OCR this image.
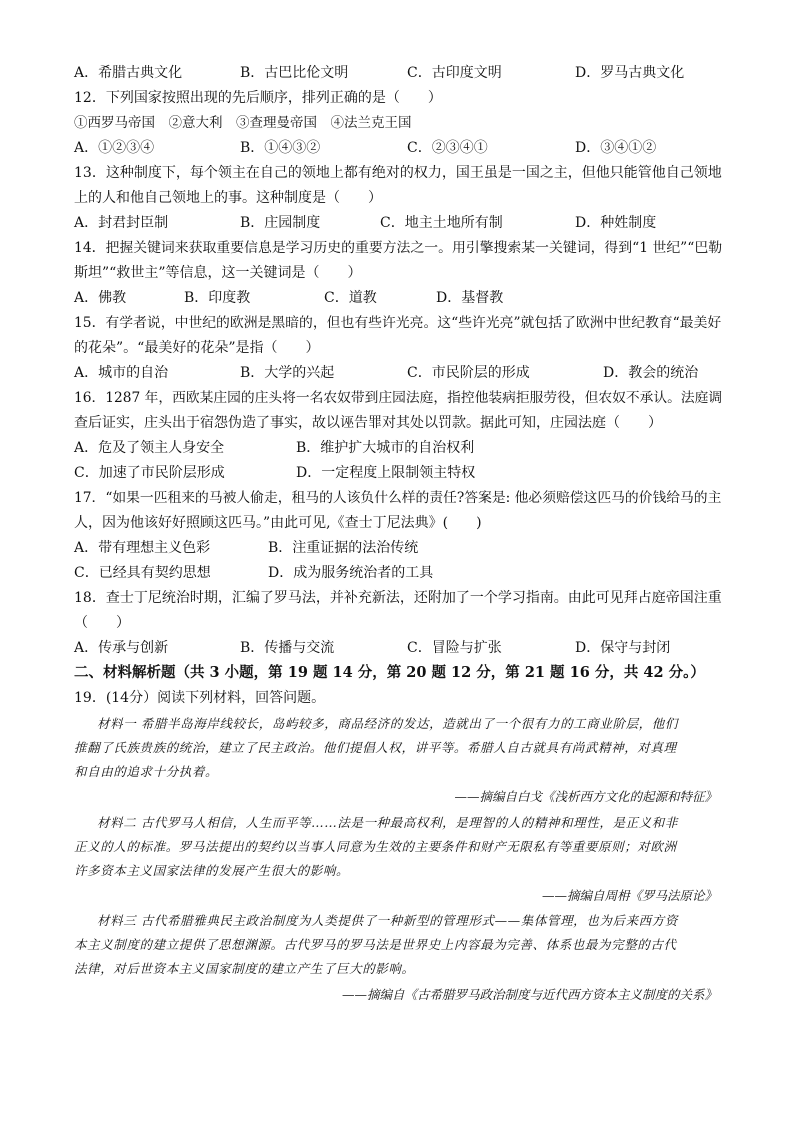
A．希腊古典文化	B．古巴比伦文明	C．古印度文明	D．罗马古典文化
12．下列国家按照出现的先后顺序，排列正确的是（　　）
①西罗马帝国　②意大利　③查理曼帝国　④法兰克王国
A．①②③④	B．①④③②	C．②③④①	D．③④①②
13．这种制度下，每个领主在自己的领地上都有绝对的权力，国王虽是一国之主，但他只能管他自己领地
上的人和他自己领地上的事。这种制度是（　　）
A．封君封臣制	B．庄园制度	C．地主土地所有制	D．种姓制度
14．把握关键词来获取重要信息是学习历史的重要方法之一。用引擎搜索某一关键词，得到“1 世纪”“巴勒
斯坦”“救世主”等信息，这一关键词是（　　）
A．佛教	B．印度教	C．道教	D．基督教
15．有学者说，中世纪的欧洲是黑暗的，但也有些许光亮。这“些许光亮”就包括了欧洲中世纪教育“最美好
的花朵”。“最美好的花朵”是指（　　）
A．城市的自治	B．大学的兴起	C．市民阶层的形成	D．教会的统治
16．1287 年，西欧某庄园的庄头将一名农奴带到庄园法庭，指控他装病拒服劳役，但农奴不承认。法庭调
查后证实，庄头出于宿怨伪造了事实，故以诬告罪对其处以罚款。据此可知，庄园法庭（　　）
A．危及了领主人身安全	B．维护扩大城市的自治权利
C．加速了市民阶层形成	D．一定程度上限制领主特权
17．“如果一匹租来的马被人偷走，租马的人该负什么样的责任?答案是: 他必须赔偿这匹马的价钱给马的主
人，因为他该好好照顾这匹马。”由此可见,《查士丁尼法典》(　　)
A．带有理想主义色彩	B．注重证据的法治传统
C．已经具有契约思想	D．成为服务统治者的工具
18．查士丁尼统治时期，汇编了罗马法，并补充新法，还附加了一个学习指南。由此可见拜占庭帝国注重
（　　）
A．传承与创新	B．传播与交流	C．冒险与扩张	D．保守与封闭
二、材料解析题（共 3 小题，第 19 题 14 分，第 20 题 12 分，第 21 题 16 分，共 42 分。）
19．(14分）阅读下列材料，回答问题。
材料一 希腊半岛海岸线较长，岛屿较多，商品经济的发达，造就出了一个很有力的工商业阶层，他们
推翻了氏族贵族的统治，建立了民主政治。他们提倡人权，讲平等。希腊人自古就具有尚武精神，对真理
和自由的追求十分执着。
——摘编自白戈《浅析西方文化的起源和特征》
材料二 古代罗马人相信，人生而平等……法是一种最高权利，是理智的人的精神和理性，是正义和非
正义的人的标准。罗马法提出的契约以当事人同意为生效的主要条件和财产无限私有等重要原则；对欧洲
许多资本主义国家法律的发展产生很大的影响。
——摘编自周枏《罗马法原论》
材料三 古代希腊雅典民主政治制度为人类提供了一种新型的管理形式——集体管理，也为后来西方资
本主义制度的建立提供了思想渊源。古代罗马的罗马法是世界史上内容最为完善、体系也最为完整的古代
法律，对后世资本主义国家制度的建立产生了巨大的影响。
——摘编自《古希腊罗马政治制度与近代西方资本主义制度的关系》
